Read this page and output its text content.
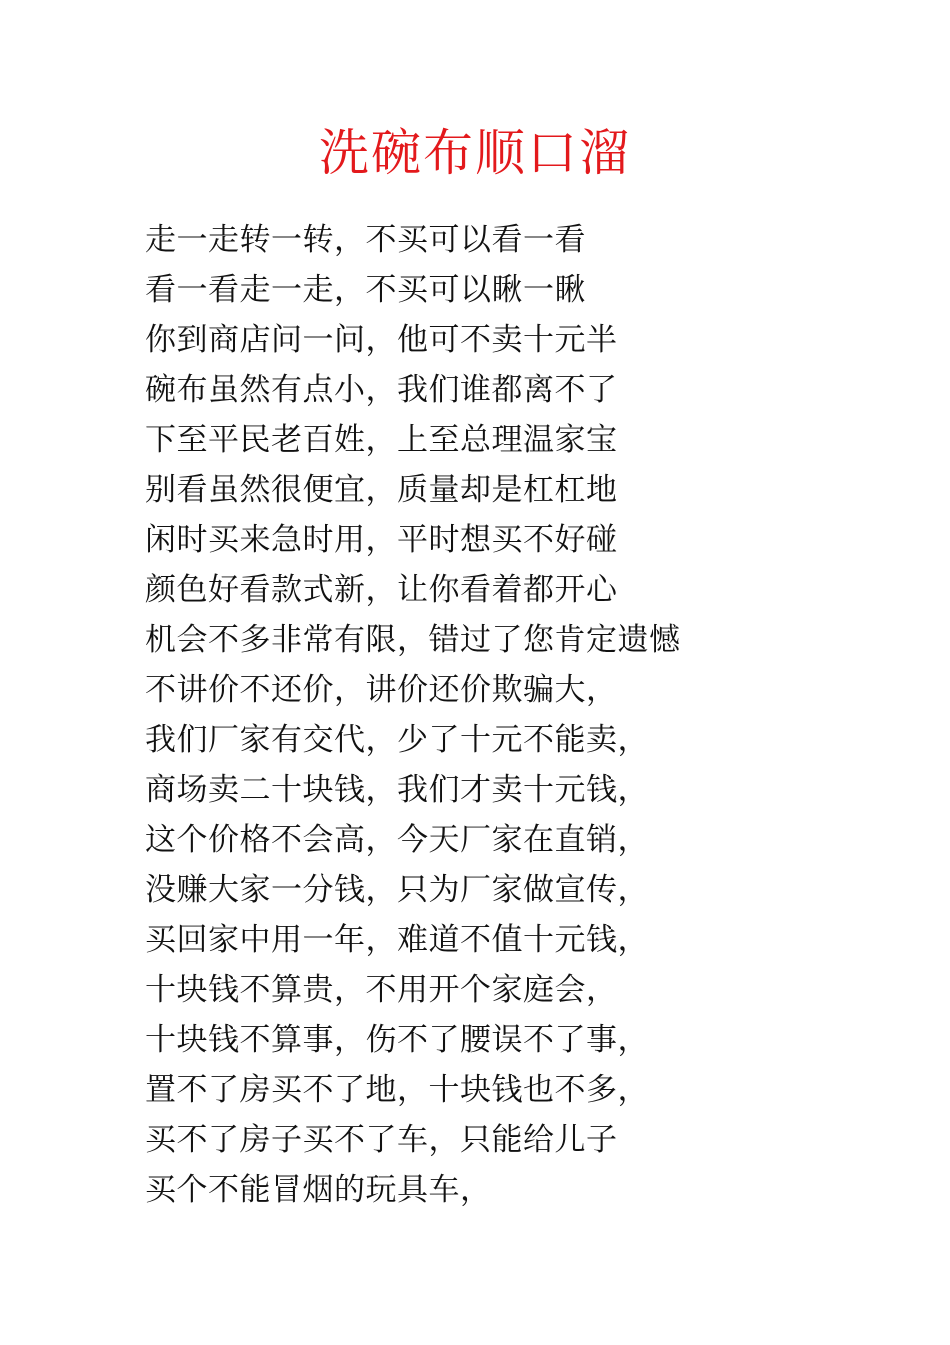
洗碗布顺口溜
走一走转一转，不买可以看一看
看一看走一走，不买可以瞅一瞅
你到商店问一问，他可不卖十元半
碗布虽然有点小，我们谁都离不了
下至平民老百姓，上至总理温家宝
别看虽然很便宜，质量却是杠杠地
闲时买来急时用，平时想买不好碰
颜色好看款式新，让你看着都开心
机会不多非常有限，错过了您肯定遗憾
不讲价不还价，讲价还价欺骗大，
我们厂家有交代，少了十元不能卖，
商场卖二十块钱，我们才卖十元钱，
这个价格不会高，今天厂家在直销，
没赚大家一分钱，只为厂家做宣传，
买回家中用一年，难道不值十元钱，
十块钱不算贵，不用开个家庭会，
十块钱不算事，伤不了腰误不了事，
置不了房买不了地，十块钱也不多，
买不了房子买不了车，只能给儿子
买个不能冒烟的玩具车，
